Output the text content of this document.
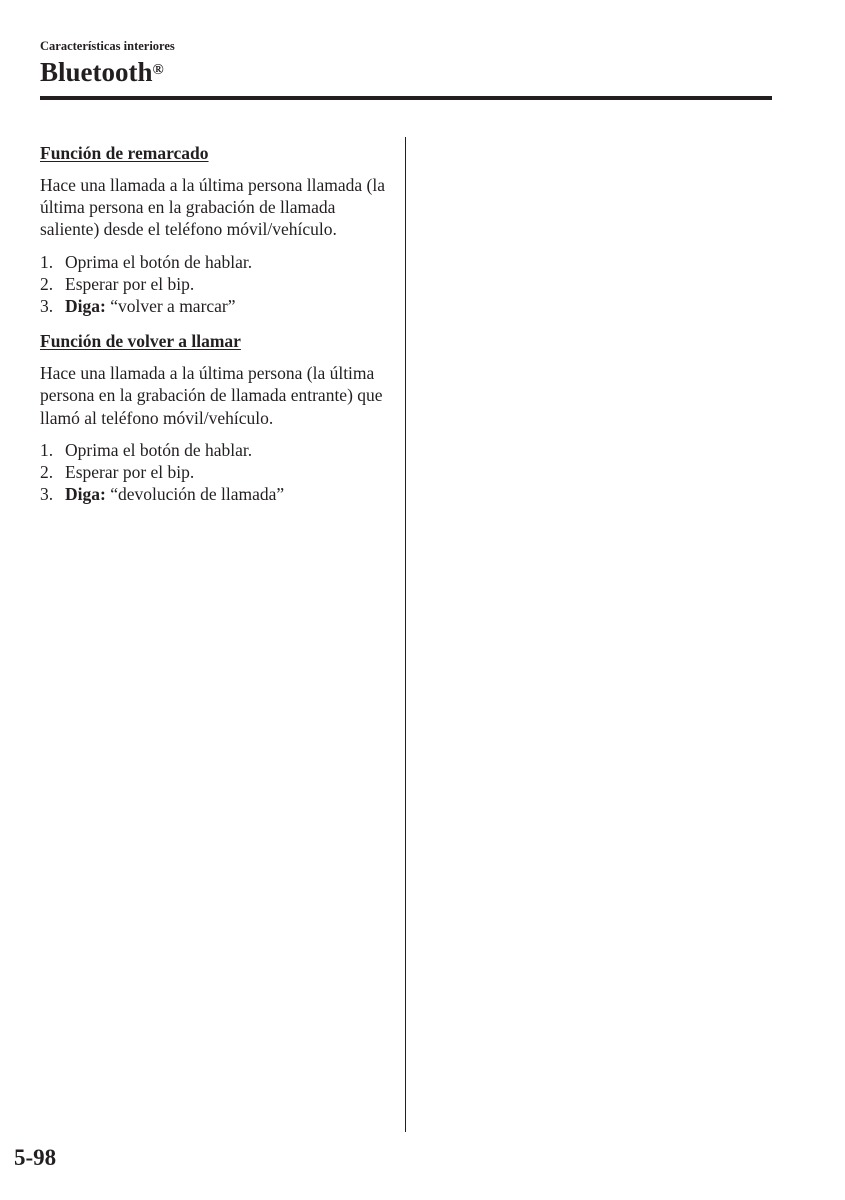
Características interiores
Bluetooth®
Función de remarcado

Hace una llamada a la última persona llamada (la última persona en la grabación de llamada saliente) desde el teléfono móvil/vehículo.

1. Oprima el botón de hablar.
2. Esperar por el bip.
3. Diga: “volver a marcar”
Función de volver a llamar

Hace una llamada a la última persona (la última persona en la grabación de llamada entrante) que llamó al teléfono móvil/vehículo.

1. Oprima el botón de hablar.
2. Esperar por el bip.
3. Diga: “devolución de llamada”
5-98
